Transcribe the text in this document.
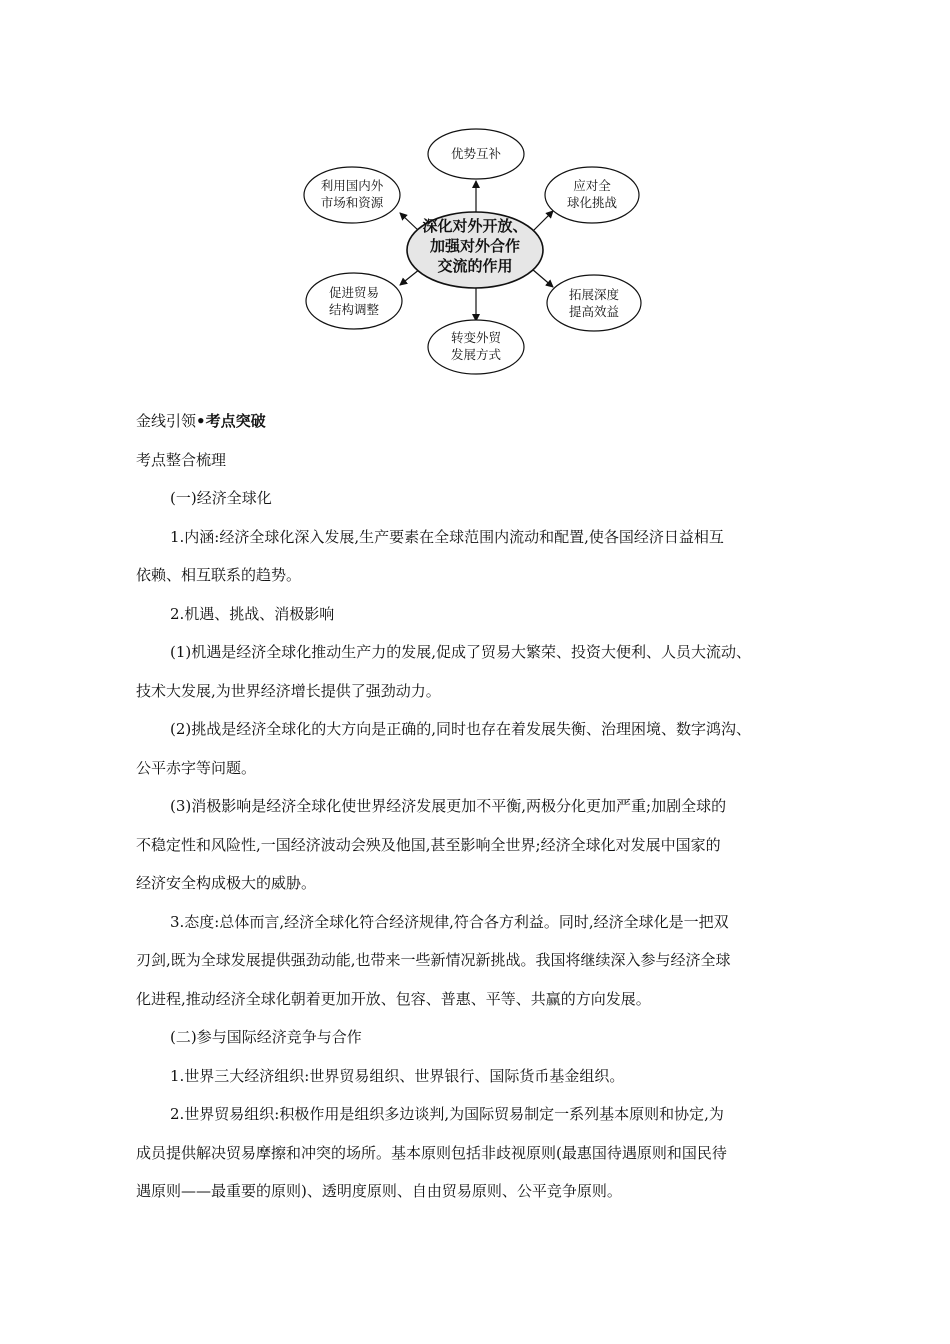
深化对外开放、
加强对外合作
交流的作用
优势互补
应对全
球化挑战
拓展深度
提高效益
转变外贸
发展方式
促进贸易
结构调整
利用国内外
市场和资源
金线引领•考点突破
考点整合梳理
(一)经济全球化
1.内涵:经济全球化深入发展,生产要素在全球范围内流动和配置,使各国经济日益相互
依赖、相互联系的趋势。
2.机遇、挑战、消极影响
(1)机遇是经济全球化推动生产力的发展,促成了贸易大繁荣、投资大便利、人员大流动、
技术大发展,为世界经济增长提供了强劲动力。
(2)挑战是经济全球化的大方向是正确的,同时也存在着发展失衡、治理困境、数字鸿沟、
公平赤字等问题。
(3)消极影响是经济全球化使世界经济发展更加不平衡,两极分化更加严重;加剧全球的
不稳定性和风险性,一国经济波动会殃及他国,甚至影响全世界;经济全球化对发展中国家的
经济安全构成极大的威胁。
3.态度:总体而言,经济全球化符合经济规律,符合各方利益。同时,经济全球化是一把双
刃剑,既为全球发展提供强劲动能,也带来一些新情况新挑战。我国将继续深入参与经济全球
化进程,推动经济全球化朝着更加开放、包容、普惠、平等、共赢的方向发展。
(二)参与国际经济竞争与合作
1.世界三大经济组织:世界贸易组织、世界银行、国际货币基金组织。
2.世界贸易组织:积极作用是组织多边谈判,为国际贸易制定一系列基本原则和协定,为
成员提供解决贸易摩擦和冲突的场所。基本原则包括非歧视原则(最惠国待遇原则和国民待
遇原则——最重要的原则)、透明度原则、自由贸易原则、公平竞争原则。
